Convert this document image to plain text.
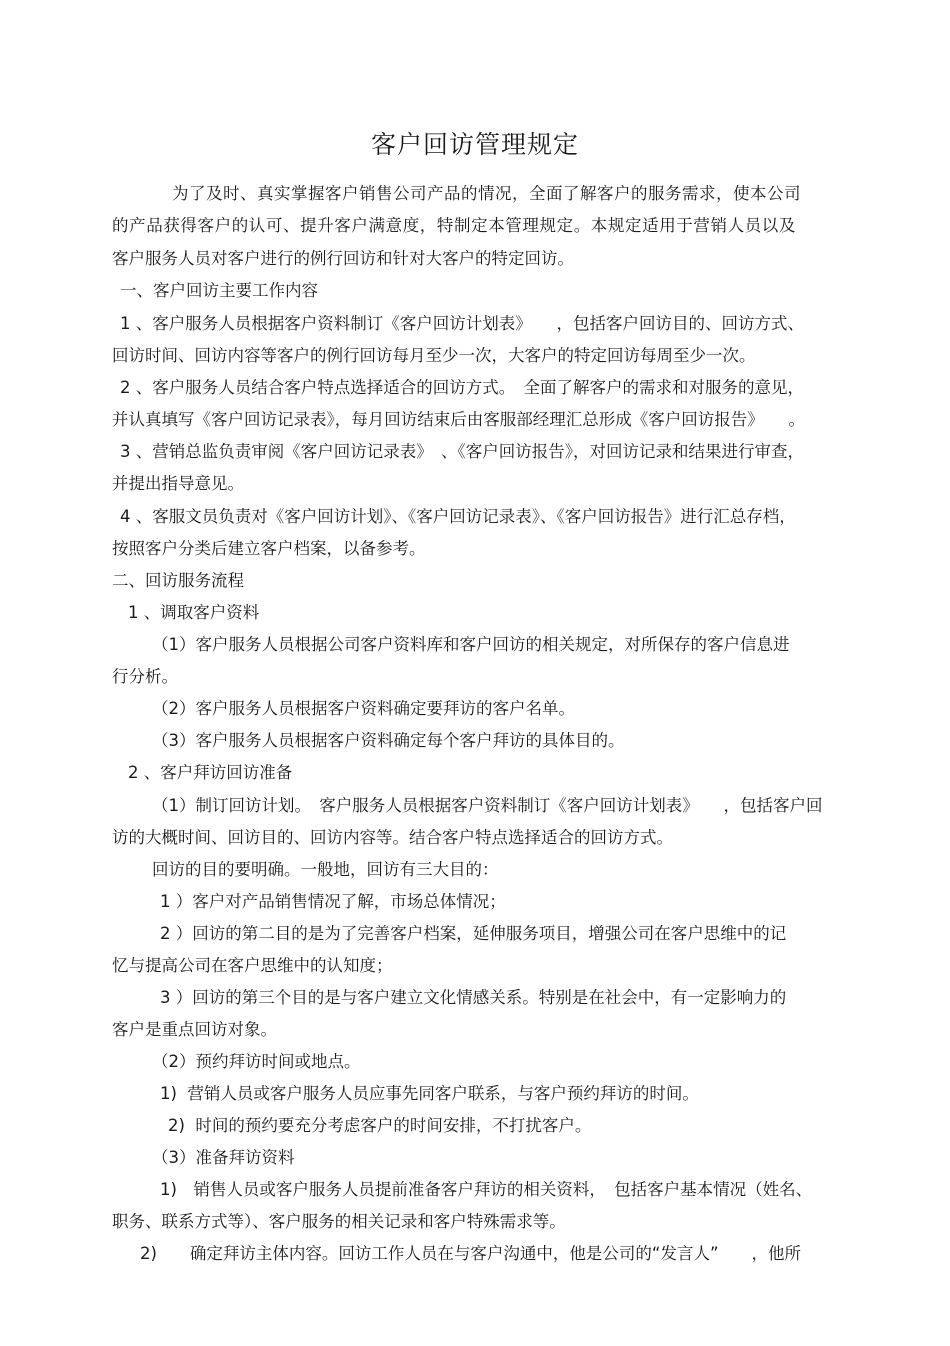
客户回访管理规定
为了及时、真实掌握客户销售公司产品的情况，全面了解客户的服务需求，使本公司
的产品获得客户的认可、提升客户满意度，特制定本管理规定。本规定适用于营销人员以及
客户服务人员对客户进行的例行回访和针对大客户的特定回访。
一、客户回访主要工作内容
1 、客户服务人员根据客户资料制订《客户回访计划表》　　，包括客户回访目的、回访方式、
回访时间、回访内容等客户的例行回访每月至少一次，大客户的特定回访每周至少一次。
2 、客户服务人员结合客户特点选择适合的回访方式。　全面了解客户的需求和对服务的意见，
并认真填写《客户回访记录表》，每月回访结束后由客服部经理汇总形成《客户回访报告》　　。
3 、营销总监负责审阅《客户回访记录表》　、《客户回访报告》，对回访记录和结果进行审查，
并提出指导意见。
4 、客服文员负责对《客户回访计划》、《客户回访记录表》、《客户回访报告》进行汇总存档，
按照客户分类后建立客户档案，以备参考。
二、回访服务流程
1 、调取客户资料
（1）客户服务人员根据公司客户资料库和客户回访的相关规定，对所保存的客户信息进
行分析。
（2）客户服务人员根据客户资料确定要拜访的客户名单。
（3）客户服务人员根据客户资料确定每个客户拜访的具体目的。
2 、客户拜访回访准备
（1）制订回访计划。　客户服务人员根据客户资料制订《客户回访计划表》　　，包括客户回
访的大概时间、回访目的、回访内容等。结合客户特点选择适合的回访方式。
回访的目的要明确。一般地，回访有三大目的：
1 ）客户对产品销售情况了解，市场总体情况；
2 ）回访的第二目的是为了完善客户档案，延伸服务项目，增强公司在客户思维中的记
忆与提高公司在客户思维中的认知度；
3 ）回访的第三个目的是与客户建立文化情感关系。特别是在社会中，有一定影响力的
客户是重点回访对象。
（2）预约拜访时间或地点。
1)  营销人员或客户服务人员应事先同客户联系，与客户预约拜访的时间。
2)  时间的预约要充分考虑客户的时间安排，不打扰客户。
（3）准备拜访资料
1)　销售人员或客户服务人员提前准备客户拜访的相关资料，　包括客户基本情况（姓名、
职务、联系方式等）、客户服务的相关记录和客户特殊需求等。
2)　　确定拜访主体内容。回访工作人员在与客户沟通中，他是公司的“发言人”　　，他所
